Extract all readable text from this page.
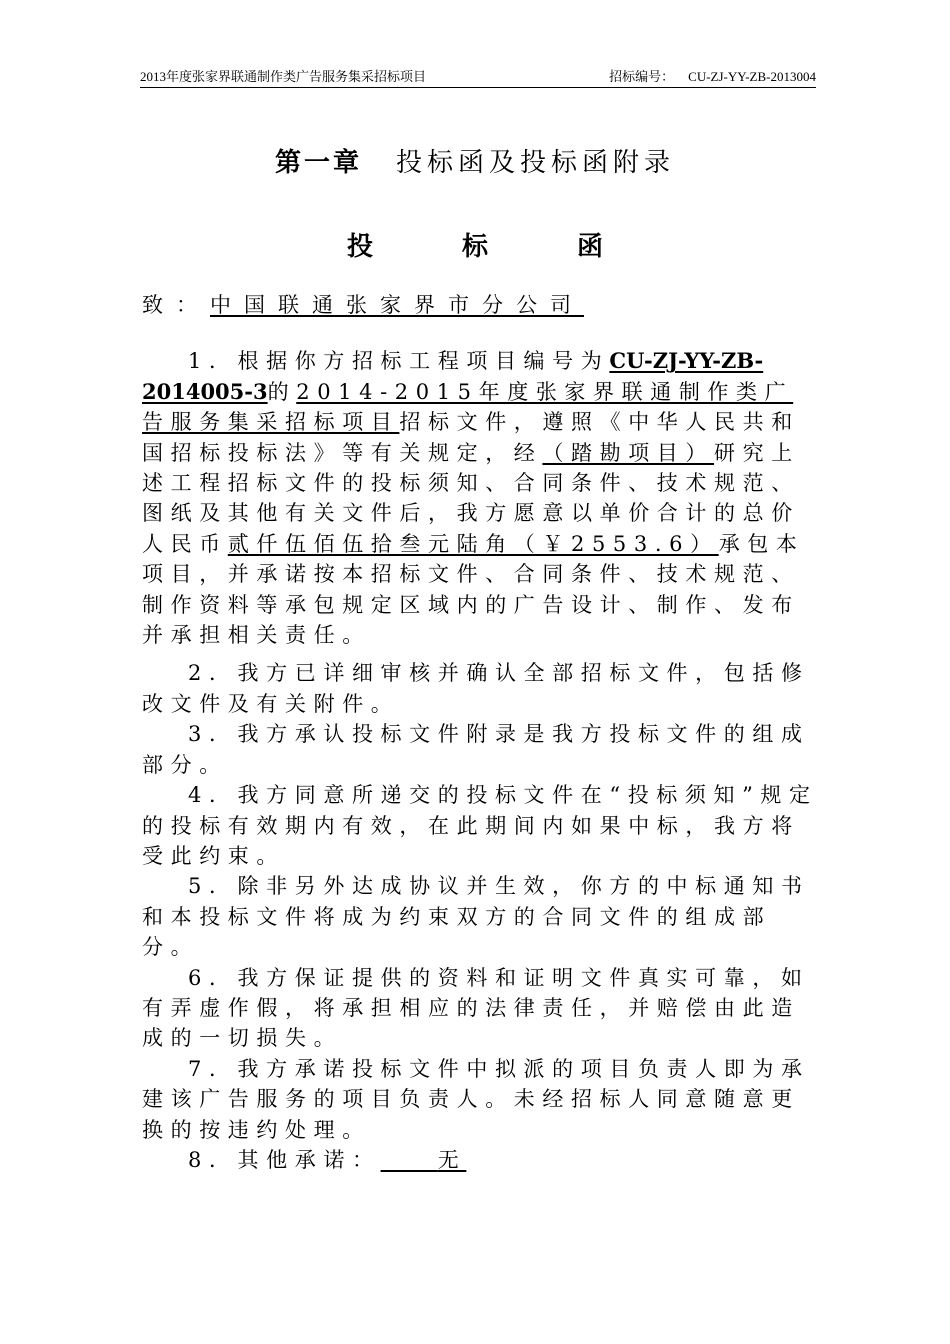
2013年度张家界联通制作类广告服务集采招标项目	招标编号： CU-ZJ-YY-ZB-2013004
第一章 投标函及投标函附录
投 标 函

致：中国联通张家界市分公司

1．根据你方招标工程项目编号为CU-ZJ-YY-ZB-2014005-3的2014-2015年度张家界联通制作类广告服务集采招标项目招标文件，遵照《中华人民共和国招标投标法》等有关规定，经（踏勘项目）研究上述工程招标文件的投标须知、合同条件、技术规范、图纸及其他有关文件后，我方愿意以单价合计的总价人民币贰仟伍佰伍拾叁元陆角（￥2553.6）承包本项目，并承诺按本招标文件、合同条件、技术规范、制作资料等承包规定区域内的广告设计、制作、发布并承担相关责任。

2．我方已详细审核并确认全部招标文件，包括修改文件及有关附件。

3．我方承认投标文件附录是我方投标文件的组成部分。

4．我方同意所递交的投标文件在“投标须知”规定的投标有效期内有效，在此期间内如果中标，我方将受此约束。

5．除非另外达成协议并生效，你方的中标通知书和本投标文件将成为约束双方的合同文件的组成部分。

6．我方保证提供的资料和证明文件真实可靠，如有弄虚作假，将承担相应的法律责任，并赔偿由此造成的一切损失。

7．我方承诺投标文件中拟派的项目负责人即为承建该广告服务的项目负责人。未经招标人同意随意更换的按违约处理。

8．其他承诺：  	无
